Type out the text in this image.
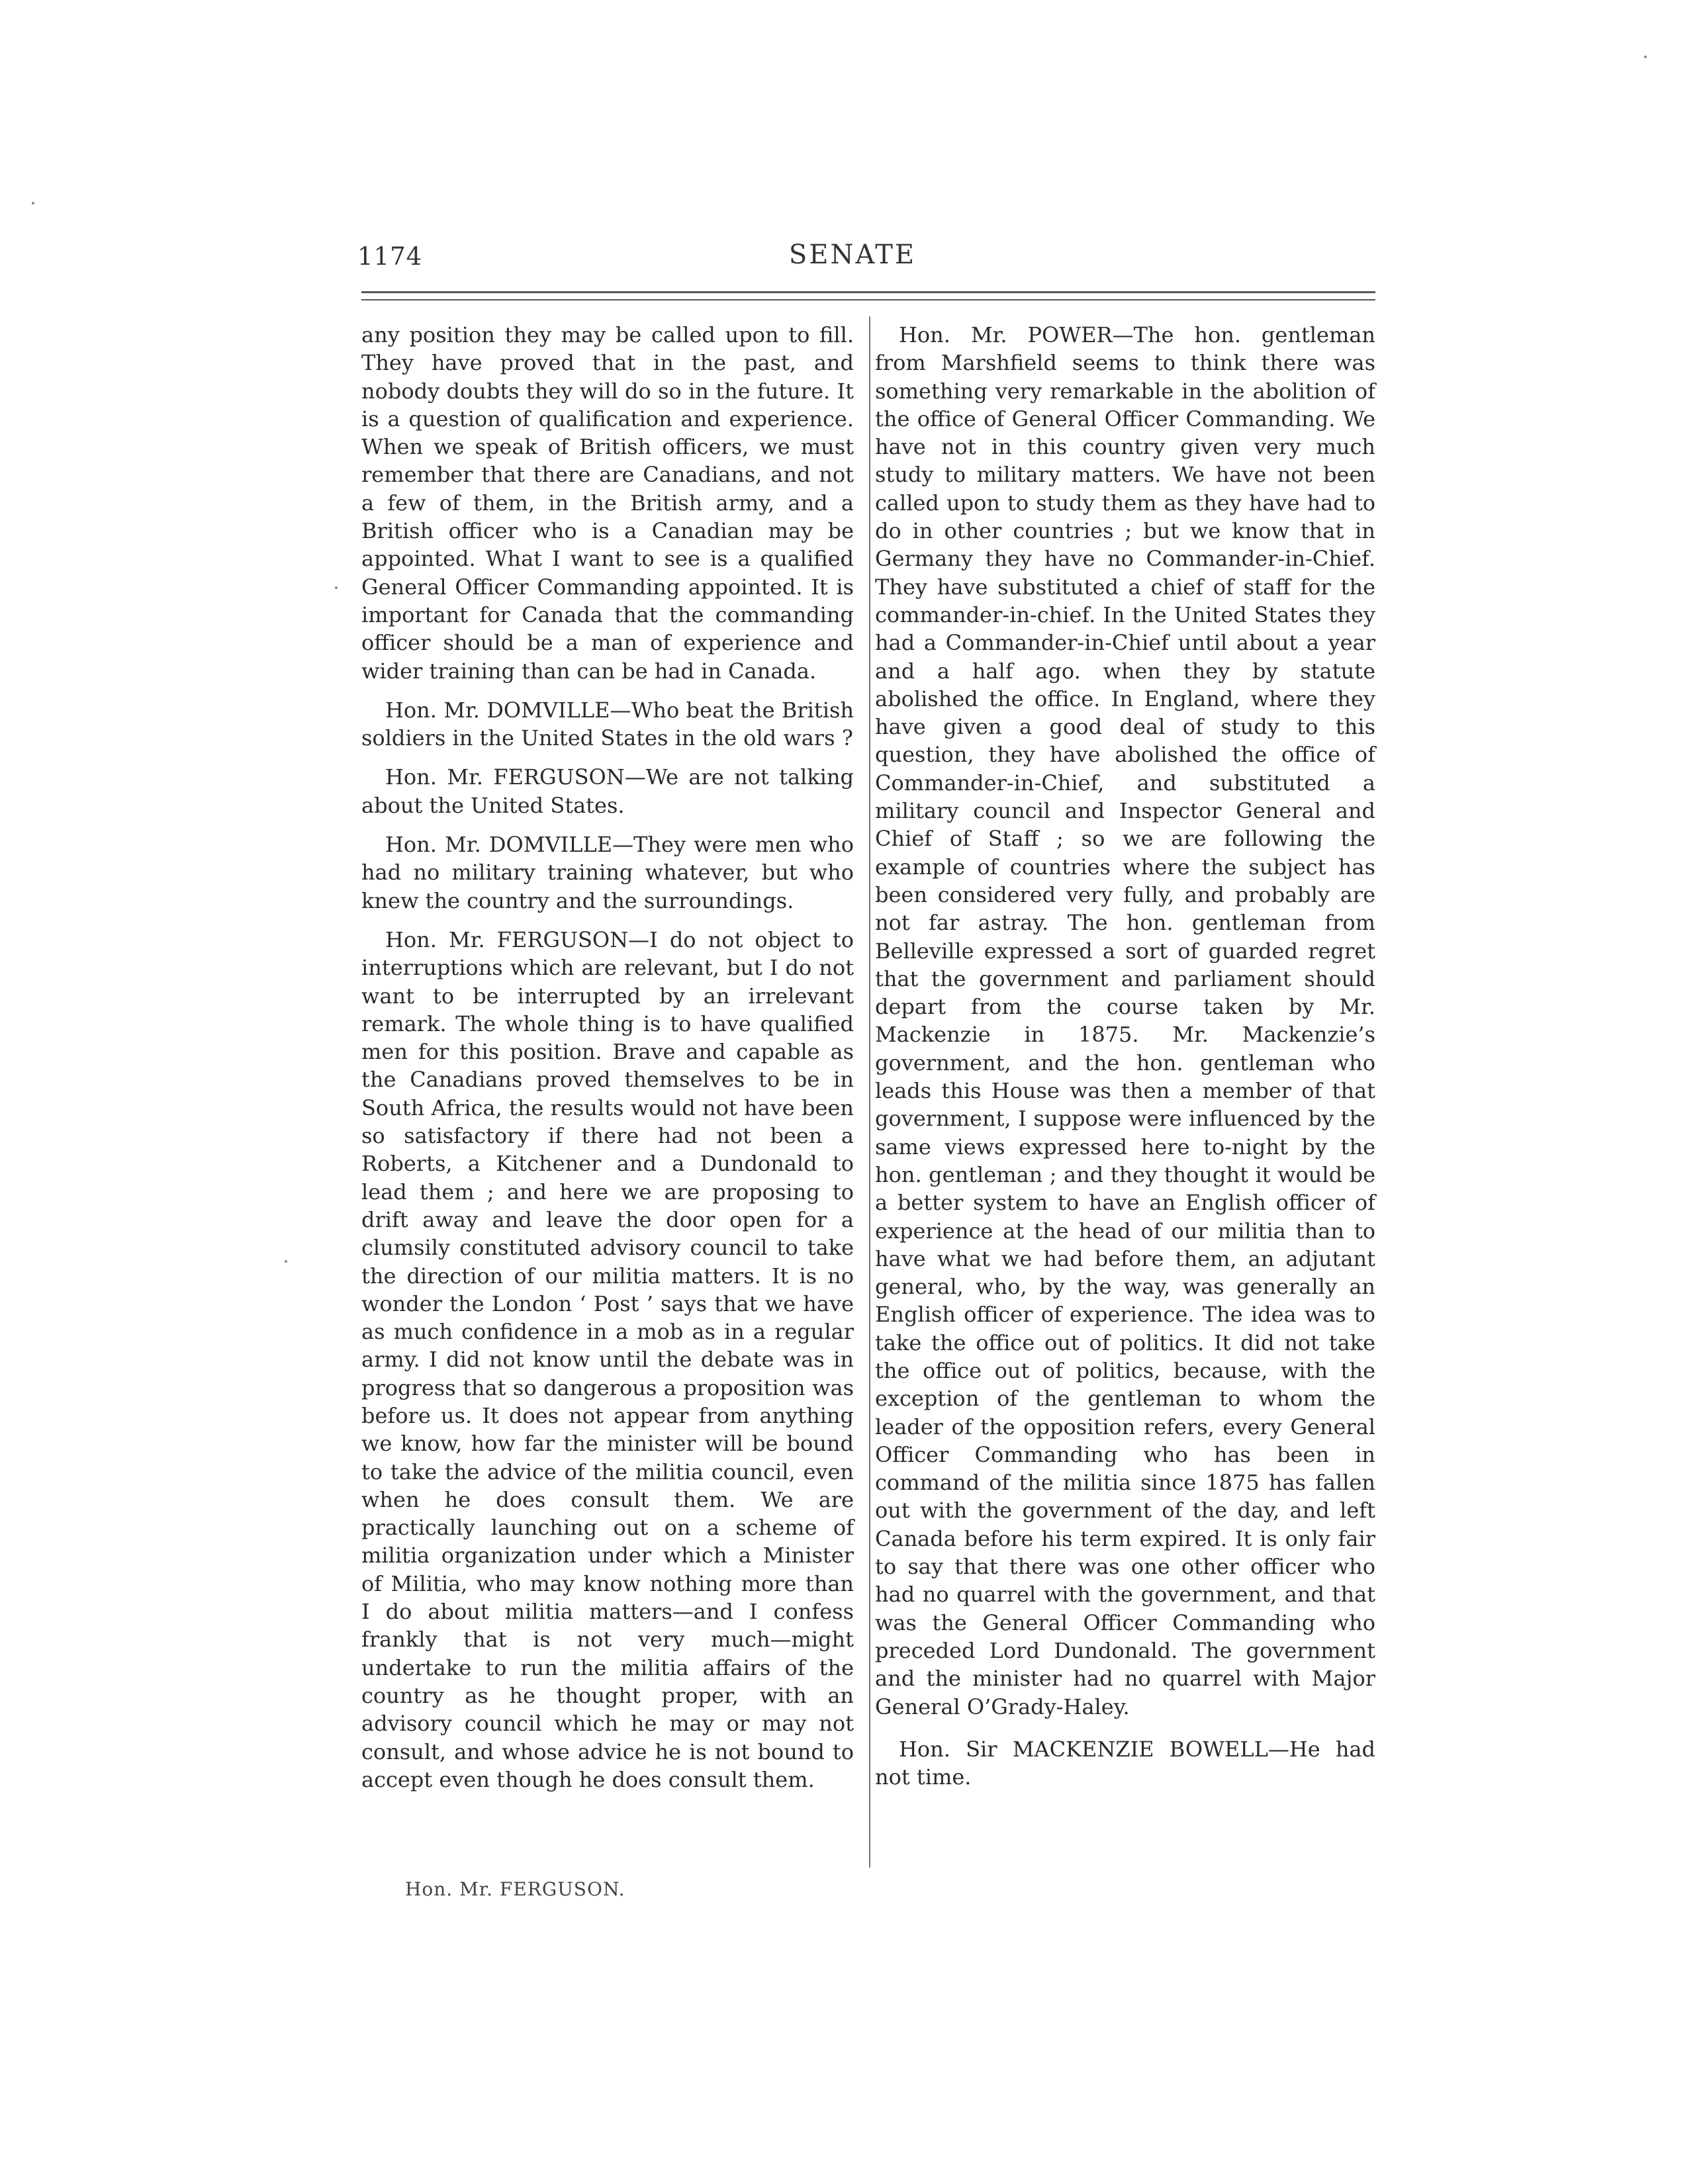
1174	SENATE

any position they may be called upon to fill. They have proved that in the past, and nobody doubts they will do so in the future. It is a question of qualification and experience. When we speak of British officers, we must remember that there are Canadians, and not a few of them, in the British army, and a British officer who is a Canadian may be appointed. What I want to see is a qualified General Officer Commanding appointed. It is important for Canada that the commanding officer should be a man of experience and wider training than can be had in Canada.

Hon. Mr. DOMVILLE—Who beat the British soldiers in the United States in the old wars ?

Hon. Mr. FERGUSON—We are not talking about the United States.

Hon. Mr. DOMVILLE—They were men who had no military training whatever, but who knew the country and the surroundings.

Hon. Mr. FERGUSON—I do not object to interruptions which are relevant, but I do not want to be interrupted by an irrelevant remark. The whole thing is to have qualified men for this position. Brave and capable as the Canadians proved themselves to be in South Africa, the results would not have been so satisfactory if there had not been a Roberts, a Kitchener and a Dundonald to lead them ; and here we are proposing to drift away and leave the door open for a clumsily constituted advisory council to take the direction of our militia matters. It is no wonder the London ‘ Post ’ says that we have as much confidence in a mob as in a regular army. I did not know until the debate was in progress that so dangerous a proposition was before us. It does not appear from anything we know, how far the minister will be bound to take the advice of the militia council, even when he does consult them. We are practically launching out on a scheme of militia organization under which a Minister of Militia, who may know nothing more than I do about militia matters—and I confess frankly that is not very much—might undertake to run the militia affairs of the country as he thought proper, with an advisory council which he may or may not consult, and whose advice he is not bound to accept even though he does consult them.

Hon. Mr. POWER—The hon. gentleman from Marshfield seems to think there was something very remarkable in the abolition of the office of General Officer Commanding. We have not in this country given very much study to military matters. We have not been called upon to study them as they have had to do in other countries ; but we know that in Germany they have no Commander-in-Chief. They have substituted a chief of staff for the commander-in-chief. In the United States they had a Commander-in-Chief until about a year and a half ago. when they by statute abolished the office. In England, where they have given a good deal of study to this question, they have abolished the office of Commander-in-Chief, and substituted a military council and Inspector General and Chief of Staff ; so we are following the example of countries where the subject has been considered very fully, and probably are not far astray. The hon. gentleman from Belleville expressed a sort of guarded regret that the government and parliament should depart from the course taken by Mr. Mackenzie in 1875. Mr. Mackenzie’s government, and the hon. gentleman who leads this House was then a member of that government, I suppose were influenced by the same views expressed here to-night by the hon. gentleman ; and they thought it would be a better system to have an English officer of experience at the head of our militia than to have what we had before them, an adjutant general, who, by the way, was generally an English officer of experience. The idea was to take the office out of politics. It did not take the office out of politics, because, with the exception of the gentleman to whom the leader of the opposition refers, every General Officer Commanding who has been in command of the militia since 1875 has fallen out with the government of the day, and left Canada before his term expired. It is only fair to say that there was one other officer who had no quarrel with the government, and that was the General Officer Commanding who preceded Lord Dundonald. The government and the minister had no quarrel with Major General O’Grady-Haley.

Hon. Sir MACKENZIE BOWELL—He had not time.

Hon. Mr. FERGUSON.
